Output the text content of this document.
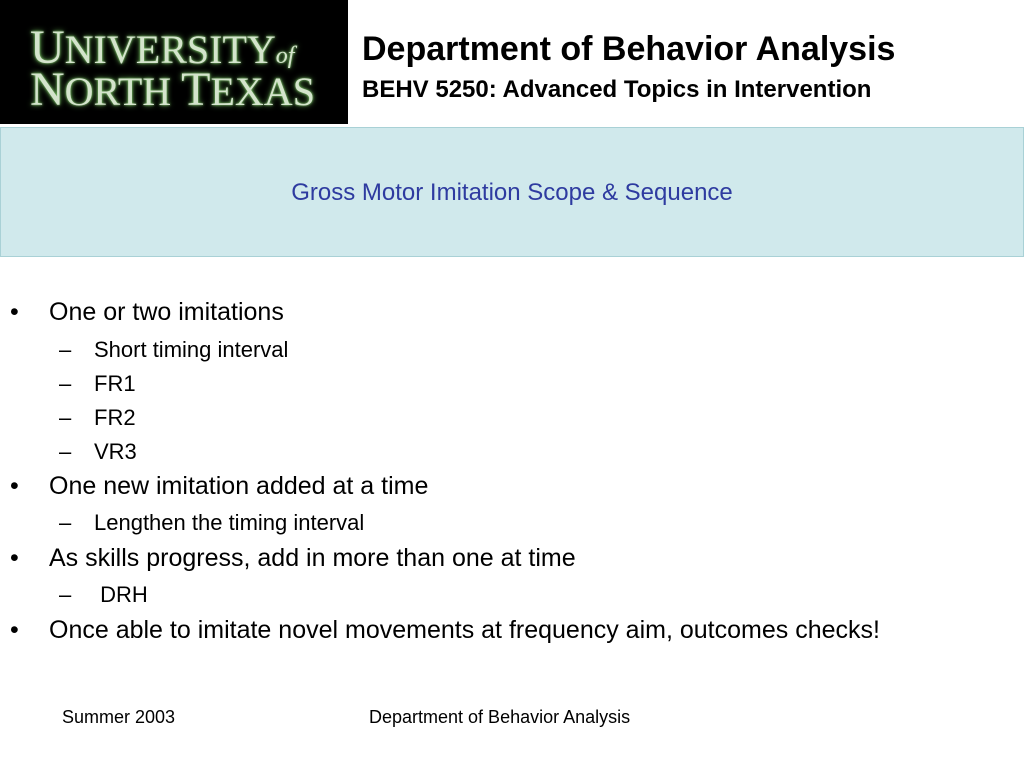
UNIVERSITYof
NORTH TEXAS
Department of Behavior Analysis
BEHV 5250: Advanced Topics in Intervention
Gross Motor Imitation Scope & Sequence
• One or two imitations
– Short timing interval
– FR1
– FR2
– VR3
• One new imitation added at a time
– Lengthen the timing interval
• As skills progress, add in more than one at time
– DRH
• Once able to imitate novel movements at frequency aim, outcomes checks!
Summer 2003	Department of Behavior Analysis
